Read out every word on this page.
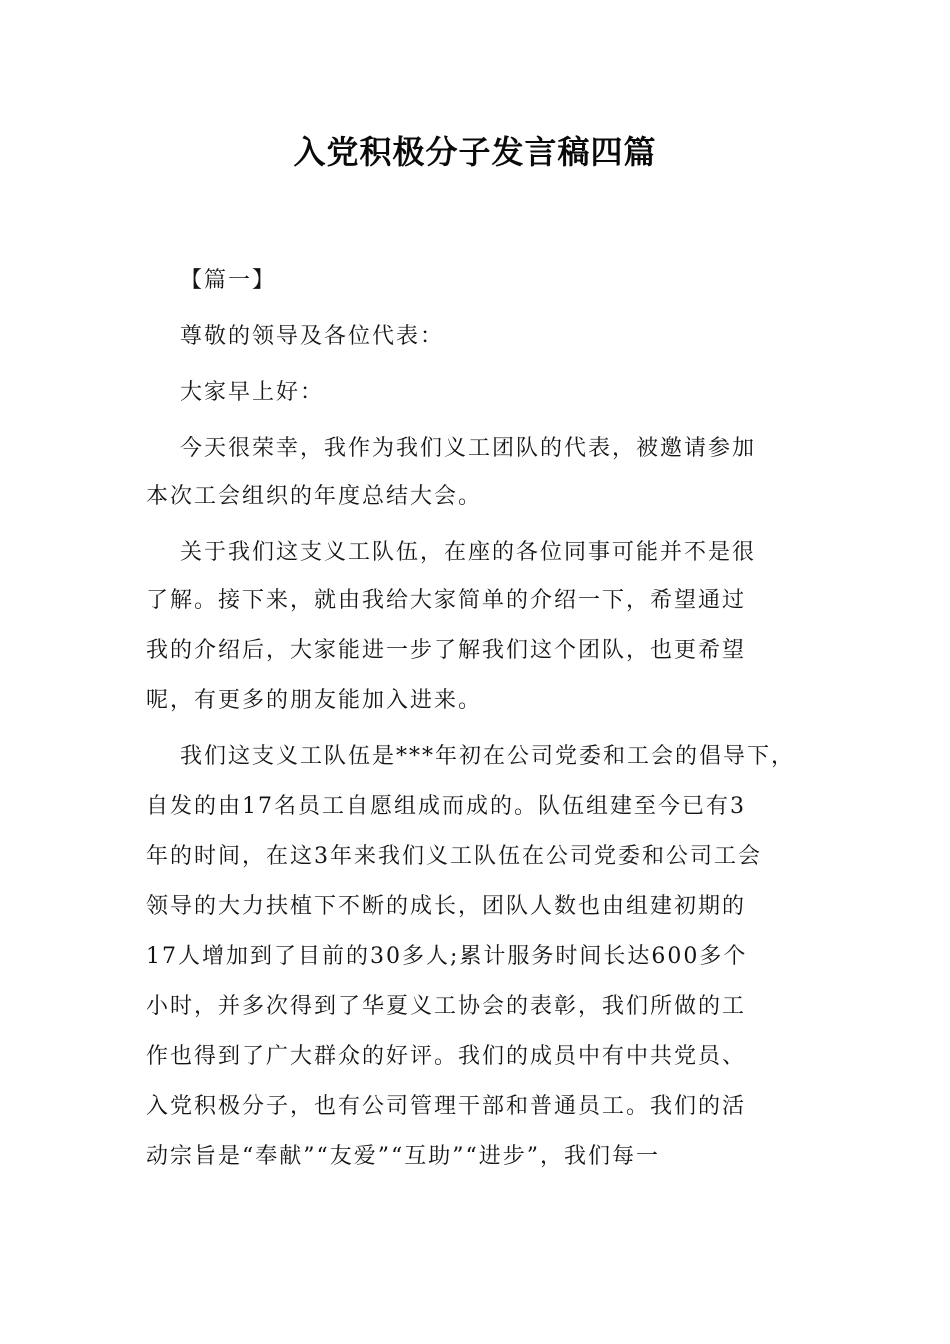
入党积极分子发言稿四篇
【篇一】
尊敬的领导及各位代表：
大家早上好：
今天很荣幸，我作为我们义工团队的代表，被邀请参加
本次工会组织的年度总结大会。
关于我们这支义工队伍，在座的各位同事可能并不是很
了解。接下来，就由我给大家简单的介绍一下，希望通过
我的介绍后，大家能进一步了解我们这个团队，也更希望
呢，有更多的朋友能加入进来。
我们这支义工队伍是***年初在公司党委和工会的倡导下，
自发的由17名员工自愿组成而成的。队伍组建至今已有3
年的时间，在这3年来我们义工队伍在公司党委和公司工会
领导的大力扶植下不断的成长，团队人数也由组建初期的
17人增加到了目前的30多人;累计服务时间长达600多个
小时，并多次得到了华夏义工协会的表彰，我们所做的工
作也得到了广大群众的好评。我们的成员中有中共党员、
入党积极分子，也有公司管理干部和普通员工。我们的活
动宗旨是“奉献”“友爱”“互助”“进步”，我们每一
